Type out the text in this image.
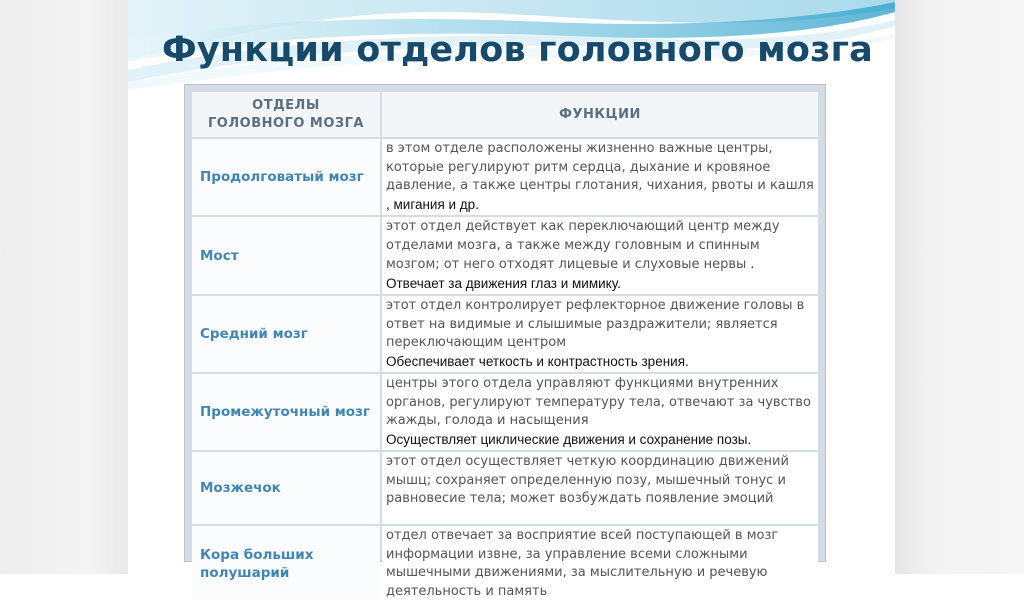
Функции отделов головного мозга
ОТДЕЛЫ
ГОЛОВНОГО МОЗГА	ФУНКЦИИ

Продолговатый мозг	в этом отделе расположены жизненно важные центры, которые регулируют ритм сердца, дыхание и кровяное давление, а также центры глотания, чихания, рвоты и кашля , мигания и др.

Мост	этот отдел действует как переключающий центр между отделами мозга, а также между головным и спинным мозгом; от него отходят лицевые и слуховые нервы . Отвечает за движения глаз и мимику.

Средний мозг	этот отдел контролирует рефлекторное движение головы в ответ на видимые и слышимые раздражители; является переключающим центром
Обеспечивает четкость и контрастность зрения.

Промежуточный мозг	центры этого отдела управляют функциями внутренних органов, регулируют температуру тела, отвечают за чувство жажды, голода и насыщения
Осуществляет циклические движения и сохранение позы.

Мозжечок	этот отдел осуществляет четкую координацию движений мышц; сохраняет определенную позу, мышечный тонус и равновесие тела; может возбуждать появление эмоций

Кора больших
полушарий	отдел отвечает за восприятие всей поступающей в мозг информации извне, за управление всеми сложными мышечными движениями, за мыслительную и речевую деятельность и память
